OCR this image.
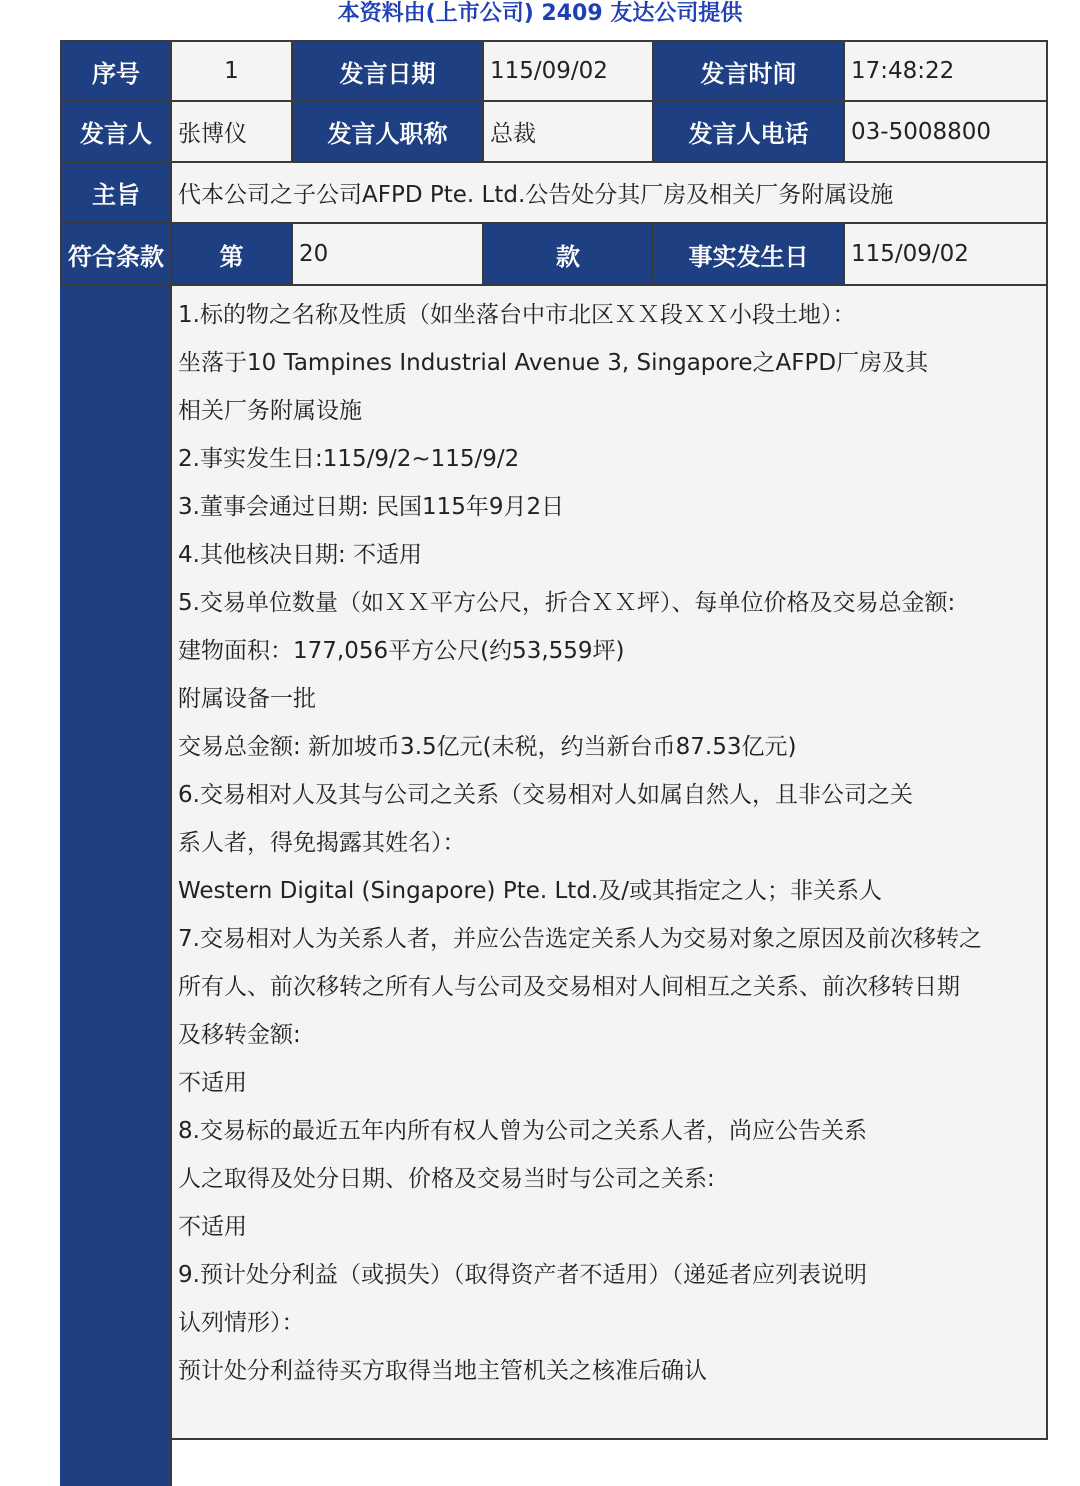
本资料由(上市公司) 2409 友达公司提供
序号	1	发言日期	115/09/02	发言时间	17:48:22
发言人	张博仪	发言人职称	总裁	发言人电话	03-5008800
主旨	代本公司之子公司AFPD Pte. Ltd.公告处分其厂房及相关厂务附属设施
符合条款	第	20	款	事实发生日	115/09/02
1.标的物之名称及性质（如坐落台中市北区ＸＸ段ＸＸ小段土地）：
坐落于10 Tampines Industrial Avenue 3, Singapore之AFPD厂房及其
相关厂务附属设施
2.事实发生日:115/9/2~115/9/2
3.董事会通过日期: 民国115年9月2日
4.其他核决日期: 不适用
5.交易单位数量（如ＸＸ平方公尺，折合ＸＸ坪）、每单位价格及交易总金额:
建物面积：177,056平方公尺(约53,559坪)
附属设备一批
交易总金额: 新加坡币3.5亿元(未税，约当新台币87.53亿元)
6.交易相对人及其与公司之关系（交易相对人如属自然人，且非公司之关
系人者，得免揭露其姓名）：
Western Digital (Singapore) Pte. Ltd.及/或其指定之人；非关系人
7.交易相对人为关系人者，并应公告选定关系人为交易对象之原因及前次移转之
所有人、前次移转之所有人与公司及交易相对人间相互之关系、前次移转日期
及移转金额:
不适用
8.交易标的最近五年内所有权人曾为公司之关系人者，尚应公告关系
人之取得及处分日期、价格及交易当时与公司之关系:
不适用
9.预计处分利益（或损失）（取得资产者不适用）（递延者应列表说明
认列情形）：
预计处分利益待买方取得当地主管机关之核准后确认
